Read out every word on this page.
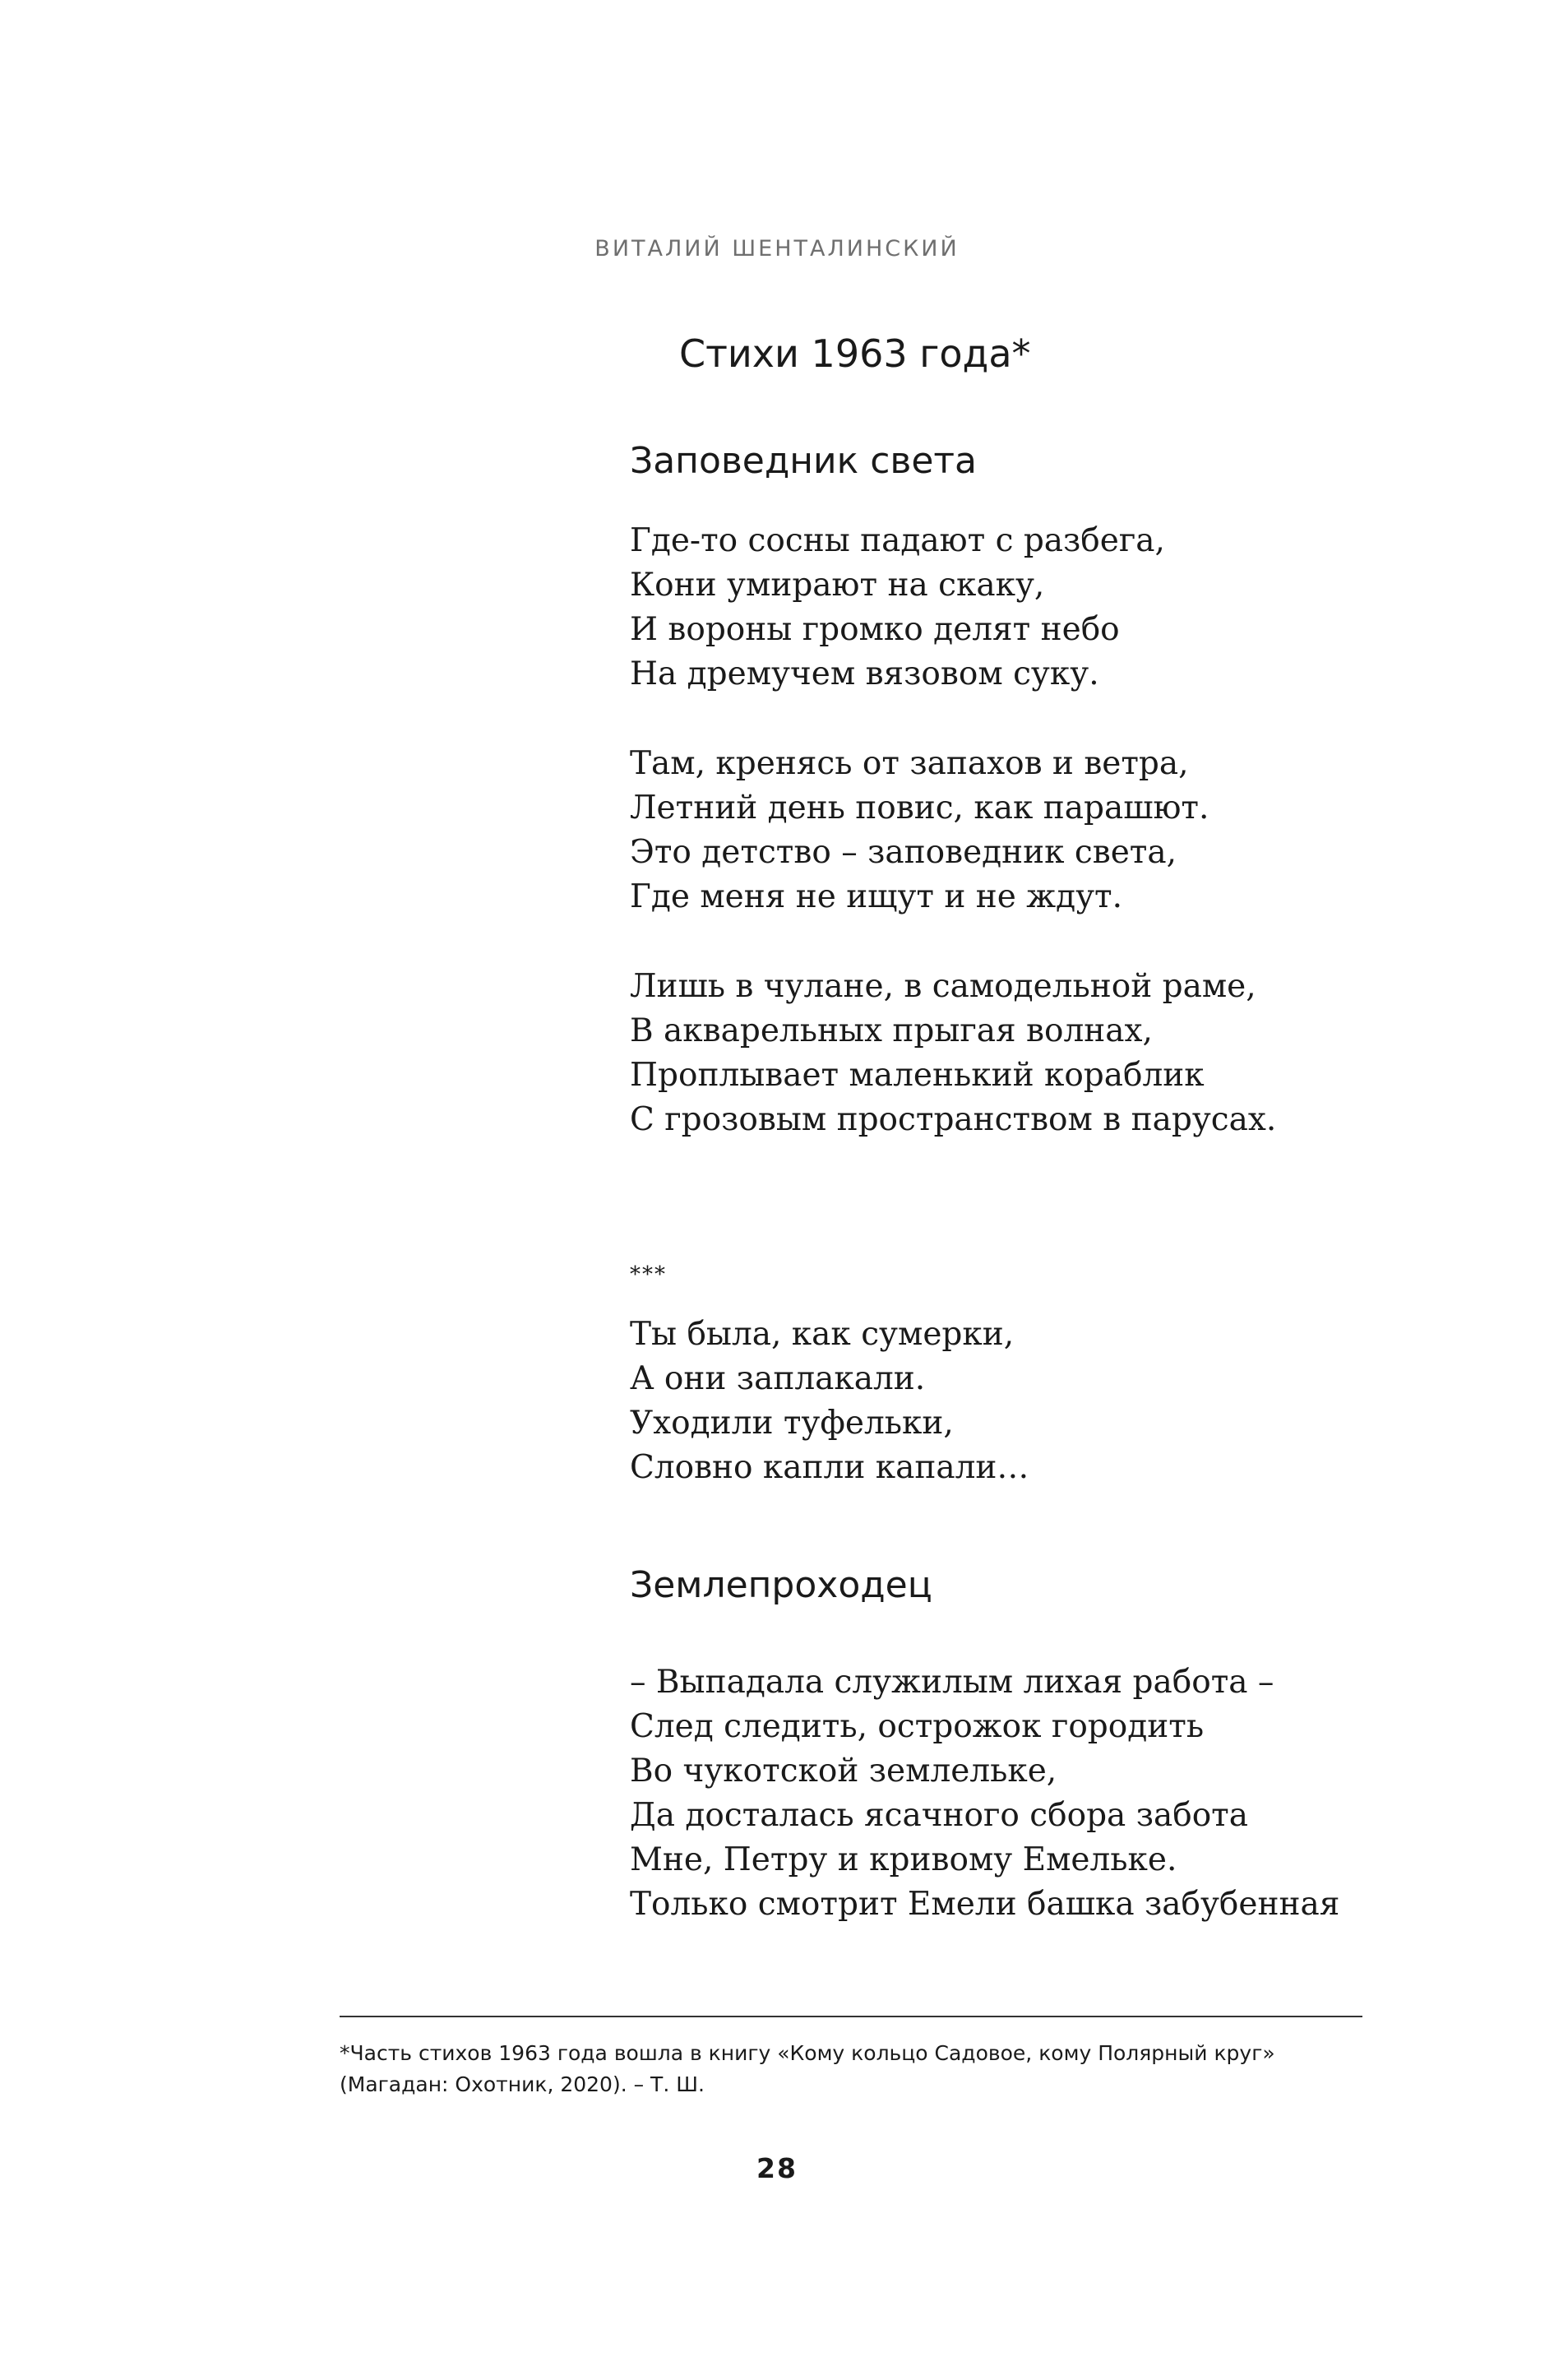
ВИТАЛИЙ ШЕНТАЛИНСКИЙ
Стихи 1963 года*
Заповедник света
Где-то сосны падают с разбега,
Кони умирают на скаку,
И вороны громко делят небо
На дремучем вязовом суку.
Там, кренясь от запахов и ветра,
Летний день повис, как парашют.
Это детство – заповедник света,
Где меня не ищут и не ждут.
Лишь в чулане, в самодельной раме,
В акварельных прыгая волнах,
Проплывает маленький кораблик
С грозовым пространством в парусах.
***
Ты была, как сумерки,
А они заплакали.
Уходили туфельки,
Словно капли капали…
Землепроходец
– Выпадала служилым лихая работа –
След следить, острожок городить
Во чукотской землельке,
Да досталась ясачного сбора забота
Мне, Петру и кривому Емельке.
Только смотрит Емели башка забубенная
*Часть стихов 1963 года вошла в книгу «Кому кольцо Садовое, кому Полярный круг» (Магадан: Охотник, 2020). – Т. Ш.
28
